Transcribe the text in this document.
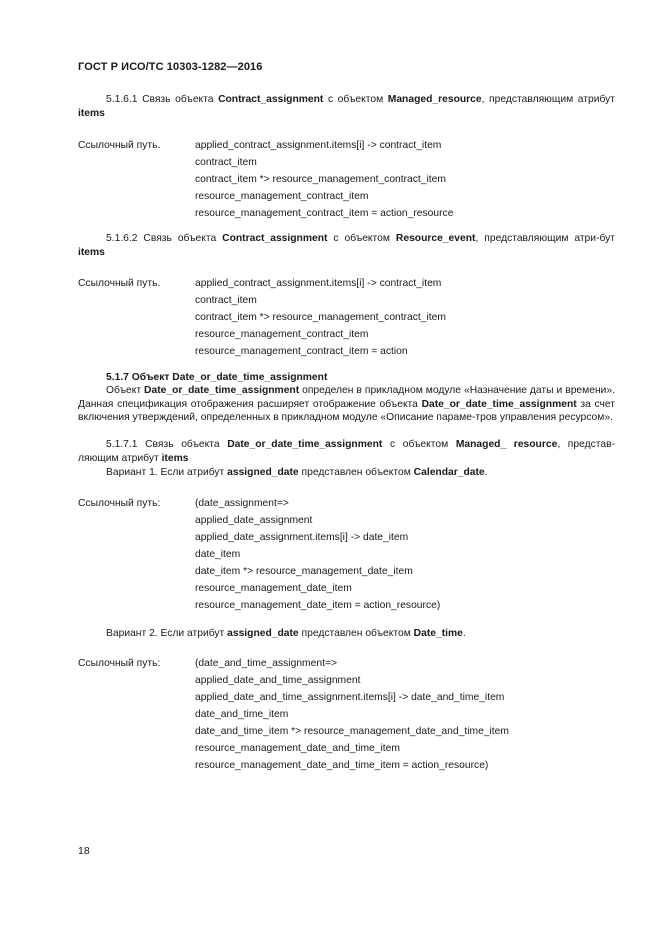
ГОСТ Р ИСО/ТС 10303-1282—2016
5.1.6.1 Связь объекта Contract_assignment с объектом Managed_resource, представляющим атрибут items
Ссылочный путь.	applied_contract_assignment.items[i] -> contract_item
contract_item
contract_item *> resource_management_contract_item
resource_management_contract_item
resource_management_contract_item = action_resource
5.1.6.2 Связь объекта Contract_assignment с объектом Resource_event, представляющим атри-бут items
Ссылочный путь.	applied_contract_assignment.items[i] -> contract_item
contract_item
contract_item *> resource_management_contract_item
resource_management_contract_item
resource_management_contract_item = action
5.1.7 Объект Date_or_date_time_assignment
Объект Date_or_date_time_assignment определен в прикладном модуле «Назначение даты и времени». Данная спецификация отображения расширяет отображение объекта Date_or_date_time_assignment за счет включения утверждений, определенных в прикладном модуле «Описание параме-тров управления ресурсом».
5.1.7.1 Связь объекта Date_or_date_time_assignment с объектом Managed_ resource, представ-ляющим атрибут items
Вариант 1. Если атрибут assigned_date представлен объектом Calendar_date.
Ссылочный путь:	(date_assignment=>
applied_date_assignment
applied_date_assignment.items[i] -> date_item
date_item
date_item *> resource_management_date_item
resource_management_date_item
resource_management_date_item = action_resource)
Вариант 2. Если атрибут assigned_date представлен объектом Date_time.
Ссылочный путь:	(date_and_time_assignment=>
applied_date_and_time_assignment
applied_date_and_time_assignment.items[i] -> date_and_time_item
date_and_time_item
date_and_time_item *> resource_management_date_and_time_item
resource_management_date_and_time_item
resource_management_date_and_time_item = action_resource)
18
